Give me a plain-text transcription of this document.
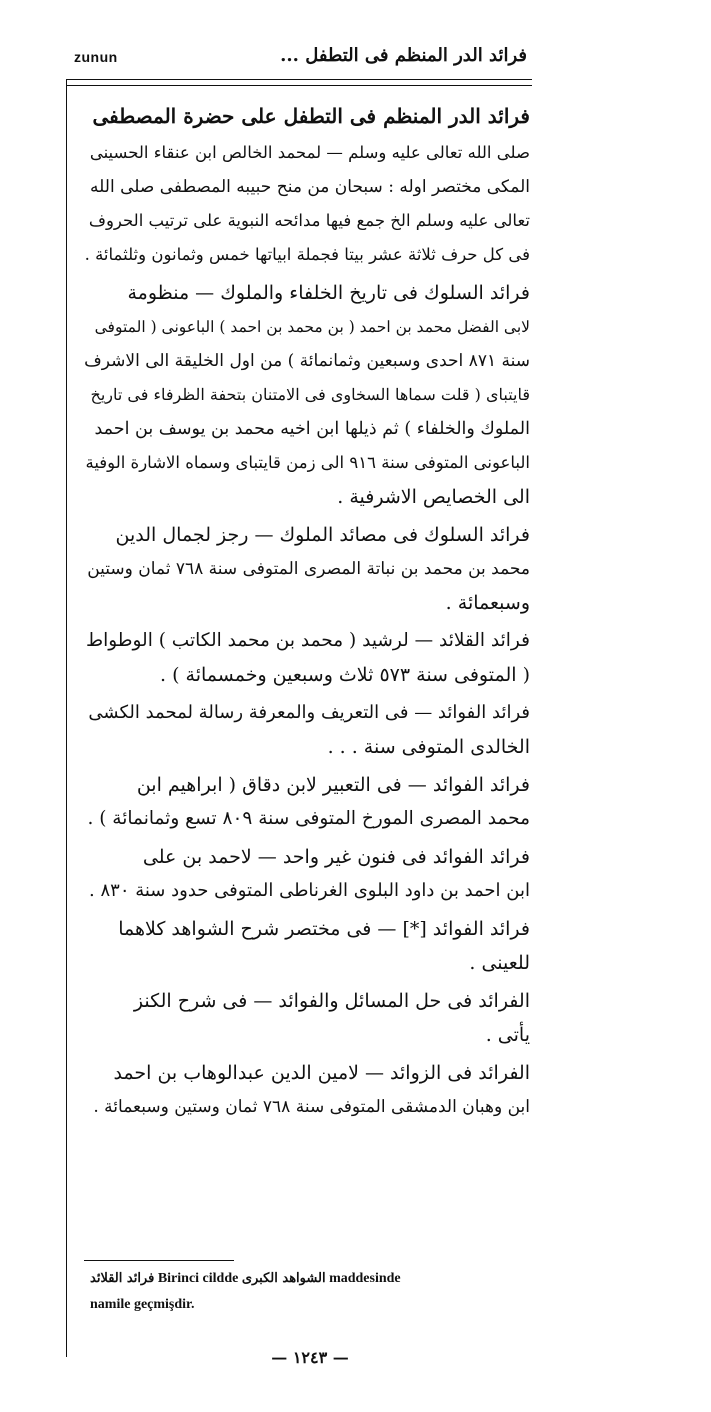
zunun	فرائد الدر المنظم فى التطفل ...
فرائد الدر المنظم فى التطفل على حضرة المصطفى
صلى الله تعالى عليه وسلم — لمحمد الخالص ابن عنقاء الحسينى
المكى مختصر اوله : سبحان من منح حبيبه المصطفى صلى الله
تعالى عليه وسلم الخ جمع فيها مدائحه النبوية على ترتيب الحروف
فى كل حرف ثلاثة عشر بيتا فجملة ابياتها خمس وثمانون وثلثمائة .
فرائد السلوك فى تاريخ الخلفاء والملوك — منظومة
لابى الفضل محمد بن احمد ( بن محمد بن احمد ) الباعونى ( المتوفى
سنة ٨٧١ احدى وسبعين وثمانمائة ) من اول الخليقة الى الاشرف
قايتباى ( قلت سماها السخاوى فى الامتنان بتحفة الظرفاء فى تاريخ
الملوك والخلفاء ) ثم ذيلها ابن اخيه محمد بن يوسف بن احمد
الباعونى المتوفى سنة ٩١٦ الى زمن قايتباى وسماه الاشارة الوفية
الى الخصايص الاشرفية .
فرائد السلوك فى مصائد الملوك — رجز لجمال الدين
محمد بن محمد بن نباتة المصرى المتوفى سنة ٧٦٨ ثمان وستين
وسبعمائة .
فرائد القلائد — لرشيد ( محمد بن محمد الكاتب ) الوطواط
( المتوفى سنة ٥٧٣ ثلاث وسبعين وخمسمائة ) .
فرائد الفوائد — فى التعريف والمعرفة رسالة لمحمد الكشى
الخالدى المتوفى سنة . . .
فرائد الفوائد — فى التعبير لابن دقاق ( ابراهيم ابن
محمد المصرى المورخ المتوفى سنة ٨٠٩ تسع وثمانمائة ) .
فرائد الفوائد فى فنون غير واحد — لاحمد بن على
ابن احمد بن داود البلوى الغرناطى المتوفى حدود سنة ٨٣٠ .
فرائد الفوائد [*] — فى مختصر شرح الشواهد كلاهما
للعينى .
الفرائد فى حل المسائل والفوائد — فى شرح الكنز
يأتى .
الفرائد فى الزوائد — لامين الدين عبدالوهاب بن احمد
ابن وهبان الدمشقى المتوفى سنة ٧٦٨ ثمان وستين وسبعمائة .
فرائد القلائد Birinci cildde الشواهد الكبرى maddesinde
namile geçmişdir.
— ١٢٤٣ —
